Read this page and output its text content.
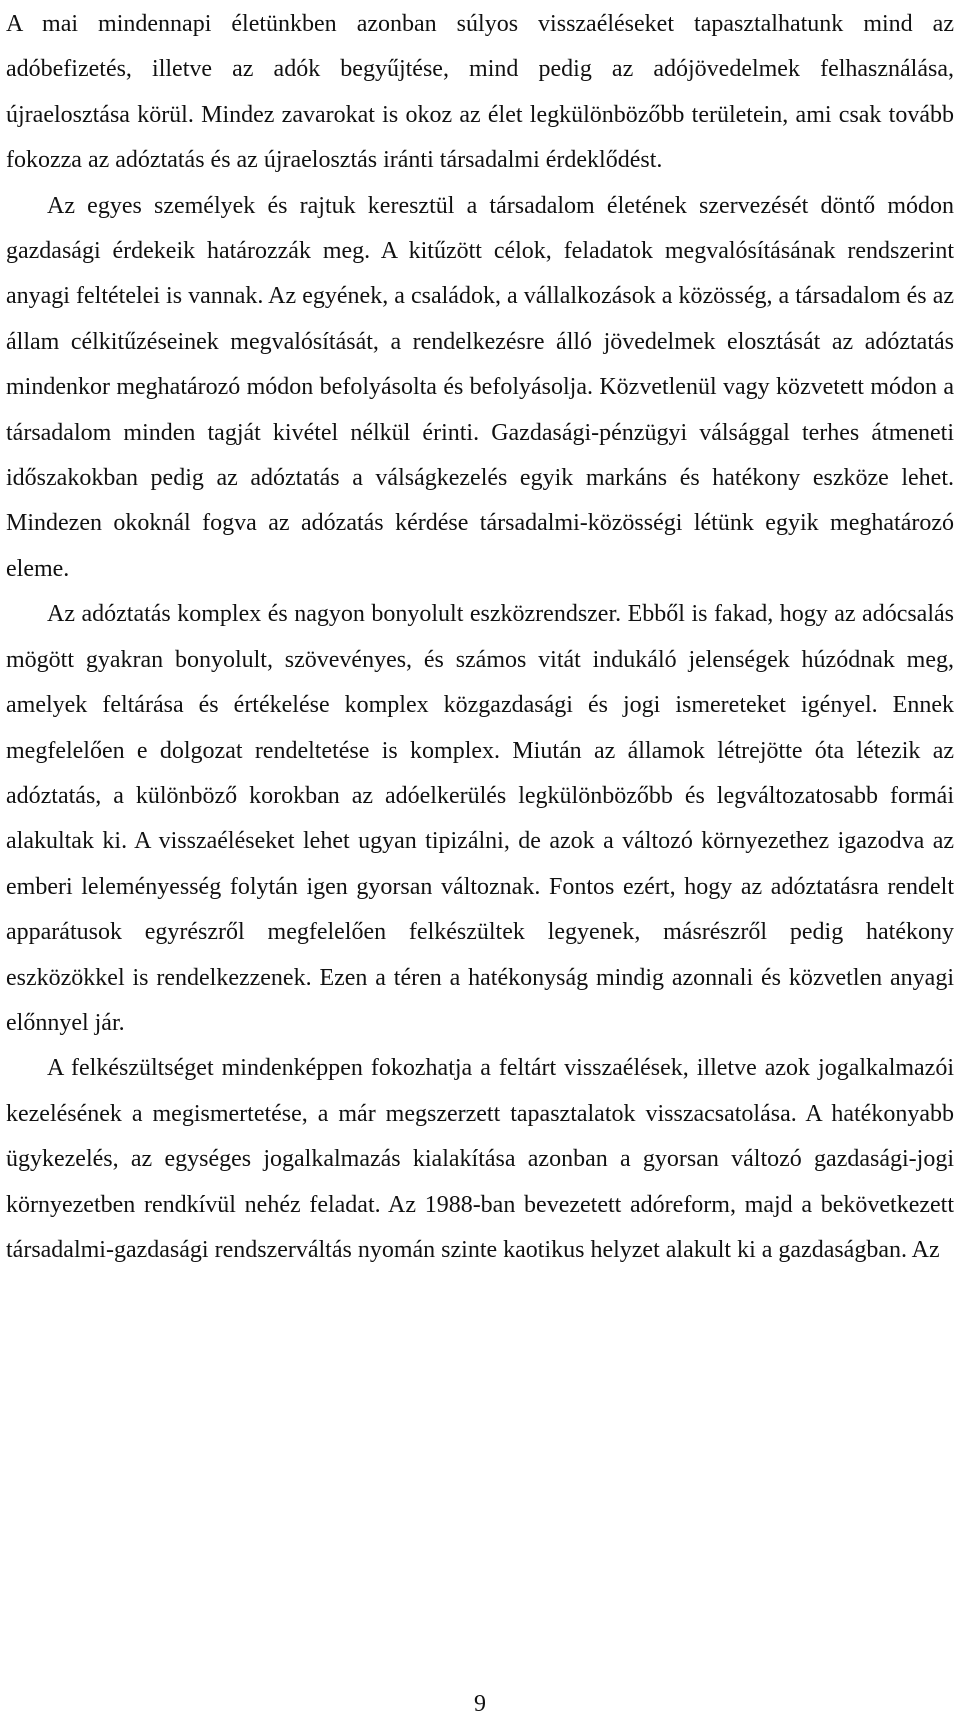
A mai mindennapi életünkben azonban súlyos visszaéléseket tapasztalhatunk mind az adóbefizetés, illetve az adók begyűjtése, mind pedig az adójövedelmek felhasználása, újraelosztása körül. Mindez zavarokat is okoz az élet legkülönbözőbb területein, ami csak tovább fokozza az adóztatás és az újraelosztás iránti társadalmi érdeklődést.

Az egyes személyek és rajtuk keresztül a társadalom életének szervezését döntő módon gazdasági érdekeik határozzák meg. A kitűzött célok, feladatok megvalósításának rendszerint anyagi feltételei is vannak. Az egyének, a családok, a vállalkozások a közösség, a társadalom és az állam célkitűzéseinek megvalósítását, a rendelkezésre álló jövedelmek elosztását az adóztatás mindenkor meghatározó módon befolyásolta és befolyásolja. Közvetlenül vagy közvetett módon a társadalom minden tagját kivétel nélkül érinti. Gazdasági-pénzügyi válsággal terhes átmeneti időszakokban pedig az adóztatás a válságkezelés egyik markáns és hatékony eszköze lehet. Mindezen okoknál fogva az adózatás kérdése társadalmi-közösségi létünk egyik meghatározó eleme.

Az adóztatás komplex és nagyon bonyolult eszközrendszer. Ebből is fakad, hogy az adócsalás mögött gyakran bonyolult, szövevényes, és számos vitát indukáló jelenségek húzódnak meg, amelyek feltárása és értékelése komplex közgazdasági és jogi ismereteket igényel. Ennek megfelelően e dolgozat rendeltetése is komplex. Miután az államok létrejötte óta létezik az adóztatás, a különböző korokban az adóelkerülés legkülönbözőbb és legváltozatosabb formái alakultak ki. A visszaéléseket lehet ugyan tipizálni, de azok a változó környezethez igazodva az emberi leleményesség folytán igen gyorsan változnak. Fontos ezért, hogy az adóztatásra rendelt apparátusok egyrészről megfelelően felkészültek legyenek, másrészről pedig hatékony eszközökkel is rendelkezzenek. Ezen a téren a hatékonyság mindig azonnali és közvetlen anyagi előnnyel jár.

A felkészültséget mindenképpen fokozhatja a feltárt visszaélések, illetve azok jogalkalmazói kezelésének a megismertetése, a már megszerzett tapasztalatok visszacsatolása. A hatékonyabb ügykezelés, az egységes jogalkalmazás kialakítása azonban a gyorsan változó gazdasági-jogi környezetben rendkívül nehéz feladat. Az 1988-ban bevezetett adóreform, majd a bekövetkezett társadalmi-gazdasági rendszerváltás nyomán szinte kaotikus helyzet alakult ki a gazdaságban. Az

9
